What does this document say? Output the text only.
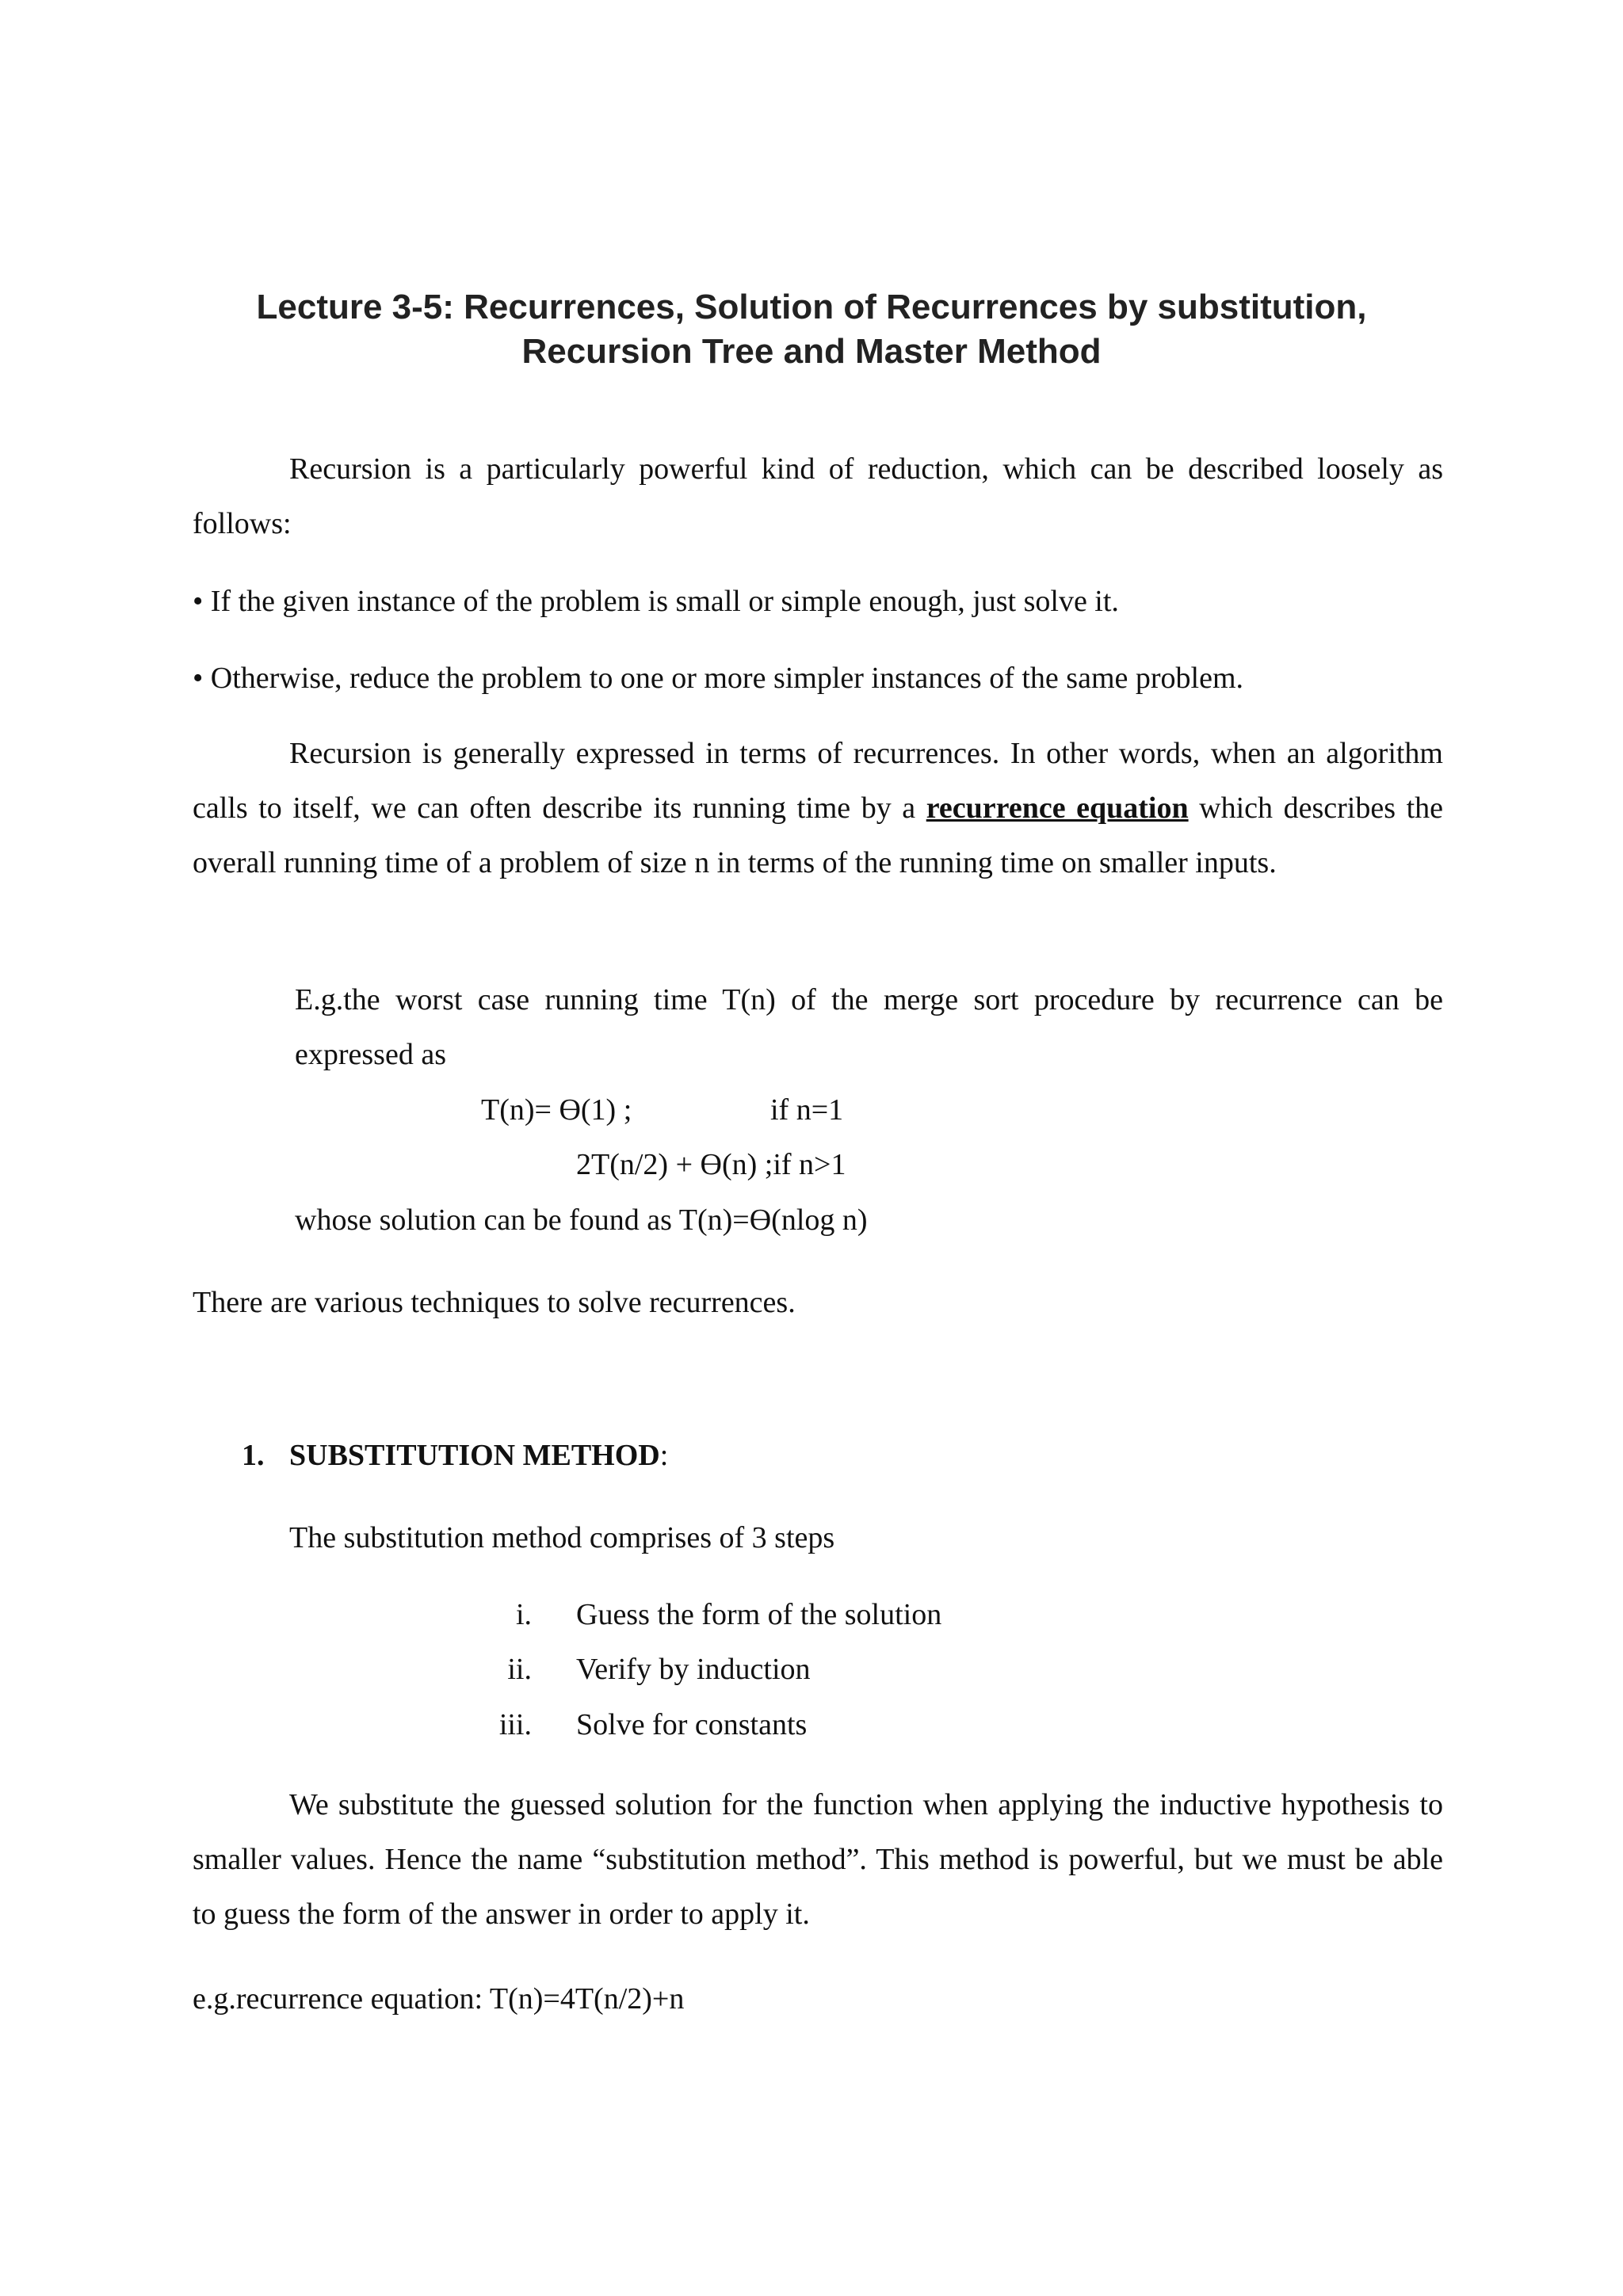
Lecture 3-5: Recurrences, Solution of Recurrences by substitution,
Recursion Tree and Master Method

Recursion is a particularly powerful kind of reduction, which can be described loosely as follows:

• If the given instance of the problem is small or simple enough, just solve it.

• Otherwise, reduce the problem to one or more simpler instances of the same problem.

Recursion is generally expressed in terms of recurrences. In other words, when an algorithm calls to itself, we can often describe its running time by a recurrence equation which describes the overall running time of a problem of size n in terms of the running time on smaller inputs.

E.g.the worst case running time T(n) of the merge sort procedure by recurrence can be

expressed as

T(n)= ϴ(1) ;	if n=1

2T(n/2) + ϴ(n) ;if n>1

whose solution can be found as T(n)=ϴ(nlog n)

There are various techniques to solve recurrences.

1. SUBSTITUTION METHOD:

The substitution method comprises of 3 steps

i. Guess the form of the solution

ii. Verify by induction

iii. Solve for constants

We substitute the guessed solution for the function when applying the inductive hypothesis to smaller values. Hence the name “substitution method”. This method is powerful, but we must be able to guess the form of the answer in order to apply it.

e.g.recurrence equation: T(n)=4T(n/2)+n
